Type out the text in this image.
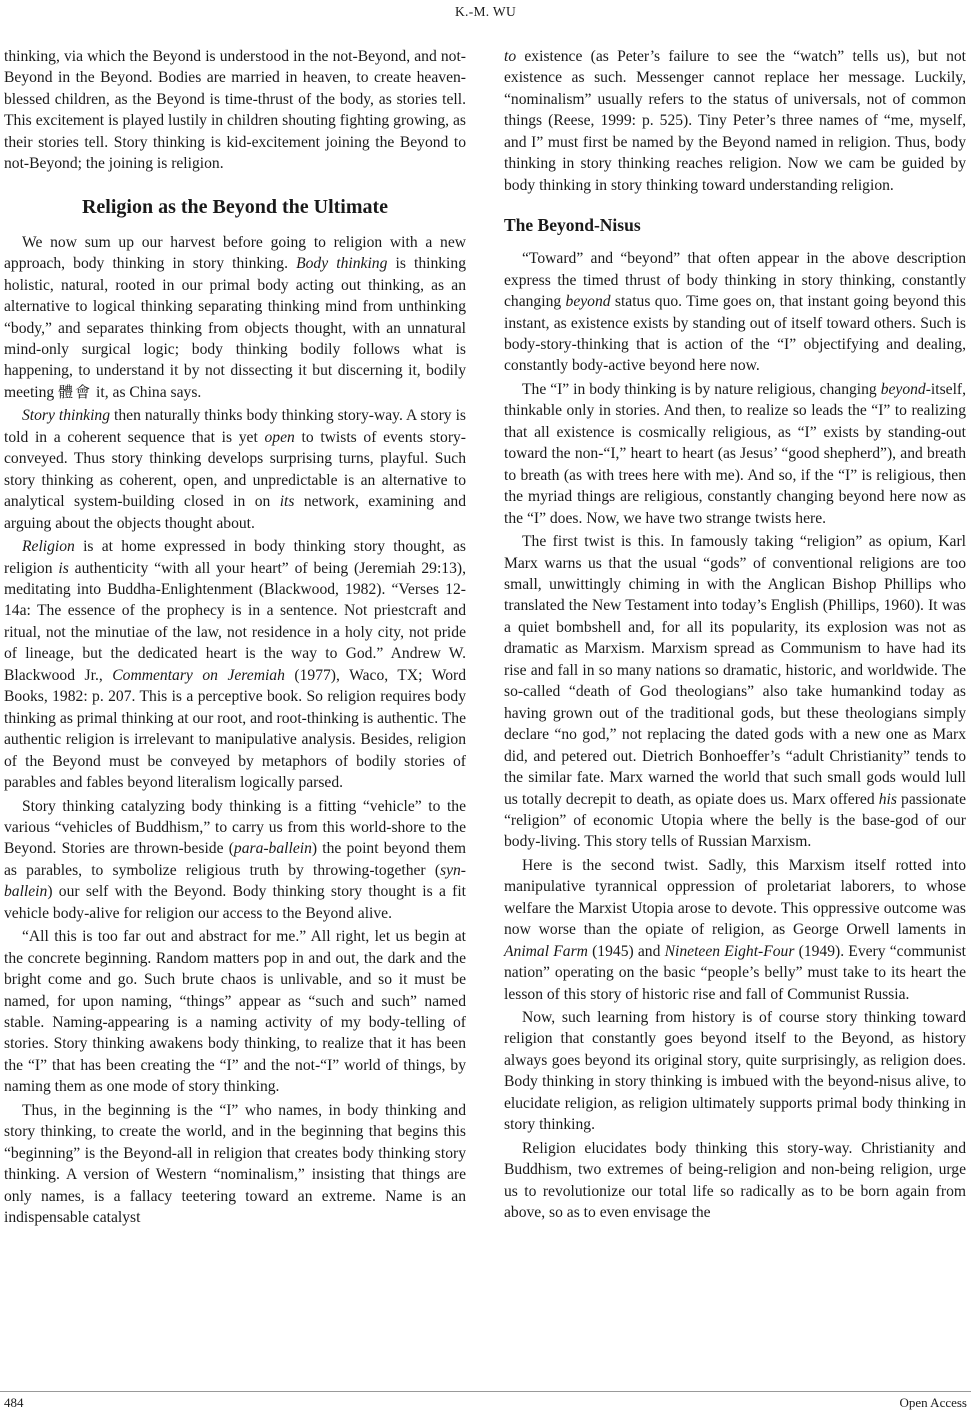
K.-M. WU

thinking, via which the Beyond is understood in the not-Beyond, and not-Beyond in the Beyond. Bodies are married in heaven, to create heaven-blessed children, as the Beyond is time-thrust of the body, as stories tell. This excitement is played lustily in children shouting fighting growing, as their stories tell. Story thinking is kid-excitement joining the Beyond to not-Beyond; the joining is religion.

Religion as the Beyond the Ultimate

We now sum up our harvest before going to religion with a new approach, body thinking in story thinking. Body thinking is thinking holistic, natural, rooted in our primal body acting out thinking, as an alternative to logical thinking separating thinking mind from unthinking “body,” and separates thinking from objects thought, with an unnatural mind-only surgical logic; body thinking bodily follows what is happening, to understand it by not dissecting it but discerning it, bodily meeting 體會 it, as China says.

Story thinking then naturally thinks body thinking story-way. A story is told in a coherent sequence that is yet open to twists of events story-conveyed. Thus story thinking develops surprising turns, playful. Such story thinking as coherent, open, and unpredictable is an alternative to analytical system-building closed in on its network, examining and arguing about the objects thought about.

Religion is at home expressed in body thinking story thought, as religion is authenticity “with all your heart” of being (Jeremiah 29:13), meditating into Buddha-Enlightenment (Blackwood, 1982). “Verses 12-14a: The essence of the prophecy is in a sentence. Not priestcraft and ritual, not the minutiae of the law, not residence in a holy city, not pride of lineage, but the dedicated heart is the way to God.” Andrew W. Blackwood Jr., Commentary on Jeremiah (1977), Waco, TX; Word Books, 1982: p. 207. This is a perceptive book. So religion requires body thinking as primal thinking at our root, and root-thinking is authentic. The authentic religion is irrelevant to manipulative analysis. Besides, religion of the Beyond must be conveyed by metaphors of bodily stories of parables and fables beyond literalism logically parsed.

Story thinking catalyzing body thinking is a fitting “vehicle” to the various “vehicles of Buddhism,” to carry us from this world-shore to the Beyond. Stories are thrown-beside (para-ballein) the point beyond them as parables, to symbolize religious truth by throwing-together (syn-ballein) our self with the Beyond. Body thinking story thought is a fit vehicle body-alive for religion our access to the Beyond alive.

“All this is too far out and abstract for me.” All right, let us begin at the concrete beginning. Random matters pop in and out, the dark and the bright come and go. Such brute chaos is unlivable, and so it must be named, for upon naming, “things” appear as “such and such” named stable. Naming-appearing is a naming activity of my body-telling of stories. Story thinking awakens body thinking, to realize that it has been the “I” that has been creating the “I” and the not-“I” world of things, by naming them as one mode of story thinking.

Thus, in the beginning is the “I” who names, in body thinking and story thinking, to create the world, and in the beginning that begins this “beginning” is the Beyond-all in religion that creates body thinking story thinking. A version of Western “nominalism,” insisting that things are only names, is a fallacy teetering toward an extreme. Name is an indispensable catalyst

to existence (as Peter’s failure to see the “watch” tells us), but not existence as such. Messenger cannot replace her message. Luckily, “nominalism” usually refers to the status of universals, not of common things (Reese, 1999: p. 525). Tiny Peter’s three names of “me, myself, and I” must first be named by the Beyond named in religion. Thus, body thinking in story thinking reaches religion. Now we cam be guided by body thinking in story thinking toward understanding religion.

The Beyond-Nisus

“Toward” and “beyond” that often appear in the above description express the timed thrust of body thinking in story thinking, constantly changing beyond status quo. Time goes on, that instant going beyond this instant, as existence exists by standing out of itself toward others. Such is body-story-thinking that is action of the “I” objectifying and dealing, constantly body-active beyond here now.

The “I” in body thinking is by nature religious, changing beyond-itself, thinkable only in stories. And then, to realize so leads the “I” to realizing that all existence is cosmically religious, as “I” exists by standing-out toward the non-“I,” heart to heart (as Jesus’ “good shepherd”), and breath to breath (as with trees here with me). And so, if the “I” is religious, then the myriad things are religious, constantly changing beyond here now as the “I” does. Now, we have two strange twists here.

The first twist is this. In famously taking “religion” as opium, Karl Marx warns us that the usual “gods” of conventional religions are too small, unwittingly chiming in with the Anglican Bishop Phillips who translated the New Testament into today’s English (Phillips, 1960). It was a quiet bombshell and, for all its popularity, its explosion was not as dramatic as Marxism. Marxism spread as Communism to have had its rise and fall in so many nations so dramatic, historic, and worldwide. The so-called “death of God theologians” also take humankind today as having grown out of the traditional gods, but these theologians simply declare “no god,” not replacing the dated gods with a new one as Marx did, and petered out. Dietrich Bonhoeffer’s “adult Christianity” tends to the similar fate. Marx warned the world that such small gods would lull us totally decrepit to death, as opiate does us. Marx offered his passionate “religion” of economic Utopia where the belly is the base-god of our body-living. This story tells of Russian Marxism.

Here is the second twist. Sadly, this Marxism itself rotted into manipulative tyrannical oppression of proletariat laborers, to whose welfare the Marxist Utopia arose to devote. This oppressive outcome was now worse than the opiate of religion, as George Orwell laments in Animal Farm (1945) and Nineteen Eight-Four (1949). Every “communist nation” operating on the basic “people’s belly” must take to its heart the lesson of this story of historic rise and fall of Communist Russia.

Now, such learning from history is of course story thinking toward religion that constantly goes beyond itself to the Beyond, as history always goes beyond its original story, quite surprisingly, as religion does. Body thinking in story thinking is imbued with the beyond-nisus alive, to elucidate religion, as religion ultimately supports primal body thinking in story thinking.

Religion elucidates body thinking this story-way. Christianity and Buddhism, two extremes of being-religion and non-being religion, urge us to revolutionize our total life so radically as to be born again from above, so as to even envisage the

484	Open Access
